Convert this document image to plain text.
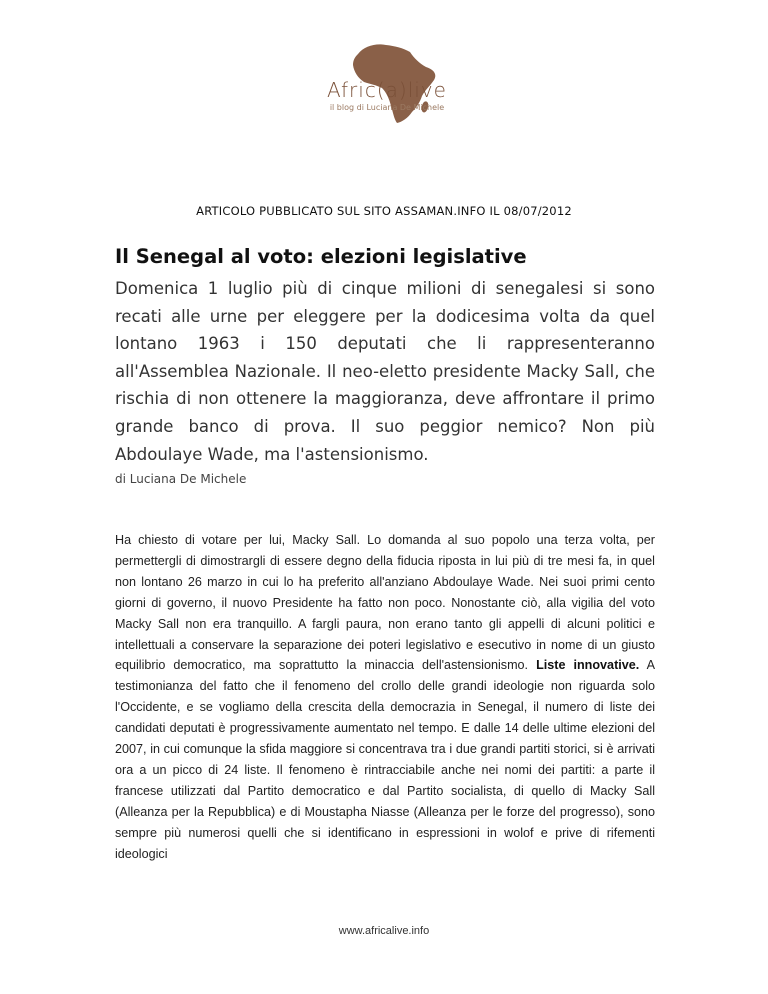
Afric(a)live
il blog di Luciana De Michele
ARTICOLO PUBBLICATO SUL SITO ASSAMAN.INFO IL 08/07/2012
Il Senegal al voto: elezioni legislative

Domenica 1 luglio più di cinque milioni di senegalesi si sono recati alle urne per eleggere per la dodicesima volta da quel lontano 1963 i 150 deputati che li rappresenteranno all'Assemblea Nazionale. Il neo-eletto presidente Macky Sall, che rischia di non ottenere la maggioranza, deve affrontare il primo grande banco di prova. Il suo peggior nemico? Non più Abdoulaye Wade, ma l'astensionismo.

di Luciana De Michele

Ha chiesto di votare per lui, Macky Sall. Lo domanda al suo popolo una terza volta, per permettergli di dimostrargli di essere degno della fiducia riposta in lui più di tre mesi fa, in quel non lontano 26 marzo in cui lo ha preferito all'anziano Abdoulaye Wade. Nei suoi primi cento giorni di governo, il nuovo Presidente ha fatto non poco. Nonostante ciò, alla vigilia del voto Macky Sall non era tranquillo. A fargli paura, non erano tanto gli appelli di alcuni politici e intellettuali a conservare la separazione dei poteri legislativo e esecutivo in nome di un giusto equilibrio democratico, ma soprattutto la minaccia dell'astensionismo. Liste innovative. A testimonianza del fatto che il fenomeno del crollo delle grandi ideologie non riguarda solo l'Occidente, e se vogliamo della crescita della democrazia in Senegal, il numero di liste dei candidati deputati è progressivamente aumentato nel tempo. E dalle 14 delle ultime elezioni del 2007, in cui comunque la sfida maggiore si concentrava tra i due grandi partiti storici, si è arrivati ora a un picco di 24 liste. Il fenomeno è rintracciabile anche nei nomi dei partiti: a parte il francese utilizzati dal Partito democratico e dal Partito socialista, di quello di Macky Sall (Alleanza per la Repubblica) e di Moustapha Niasse (Alleanza per le forze del progresso), sono sempre più numerosi quelli che si identificano in espressioni in wolof e prive di rifementi ideologici

www.africalive.info
